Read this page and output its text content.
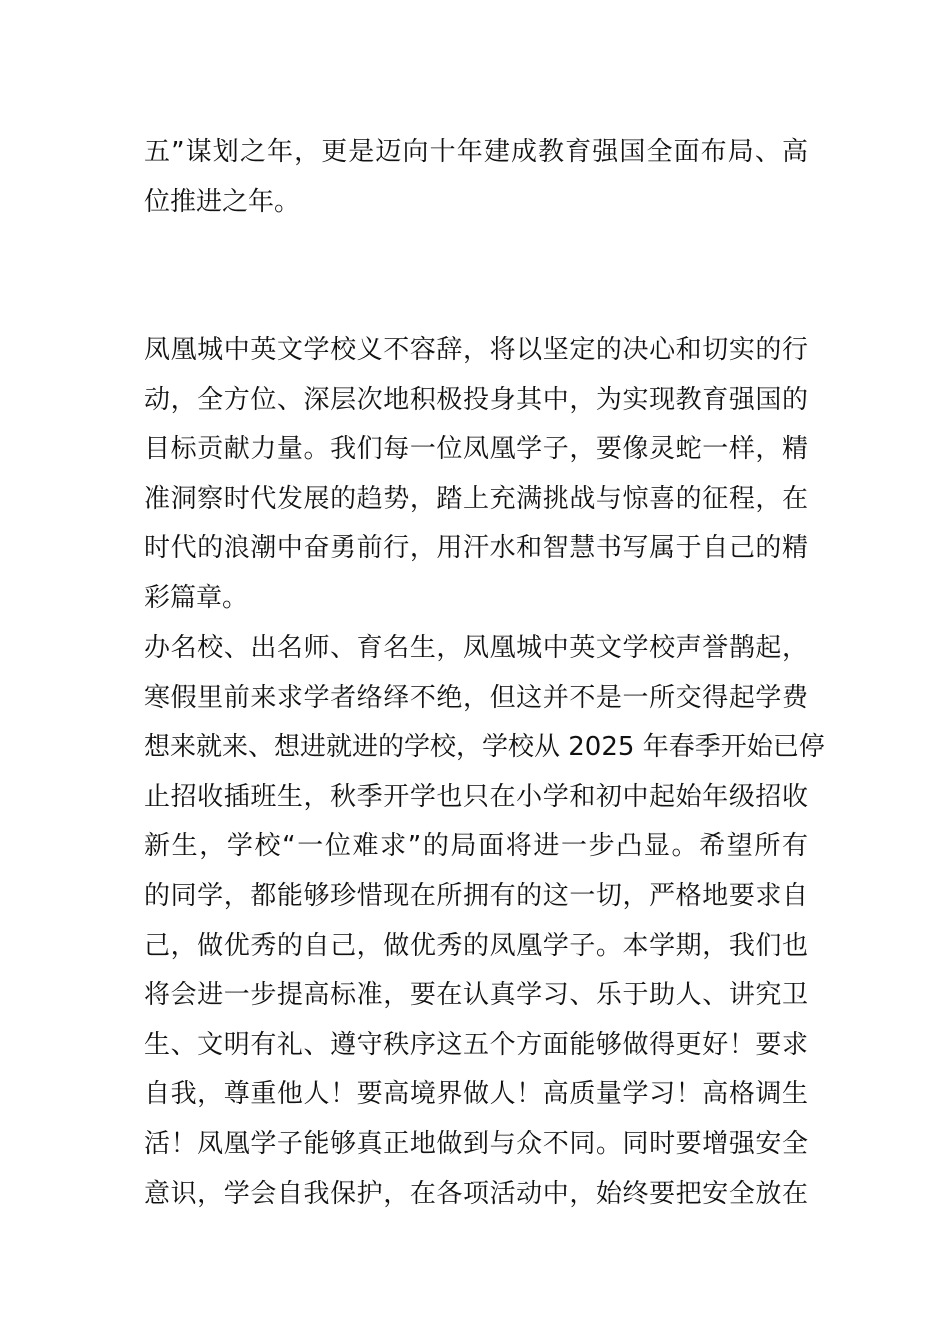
五”谋划之年，更是迈向十年建成教育强国全面布局、高
位推进之年。

凤凰城中英文学校义不容辞，将以坚定的决心和切实的行
动，全方位、深层次地积极投身其中，为实现教育强国的
目标贡献力量。我们每一位凤凰学子，要像灵蛇一样，精
准洞察时代发展的趋势，踏上充满挑战与惊喜的征程，在
时代的浪潮中奋勇前行，用汗水和智慧书写属于自己的精
彩篇章。

办名校、出名师、育名生，凤凰城中英文学校声誉鹊起，
寒假里前来求学者络绎不绝，但这并不是一所交得起学费
想来就来、想进就进的学校，学校从 2025 年春季开始已停
止招收插班生，秋季开学也只在小学和初中起始年级招收
新生，学校“一位难求”的局面将进一步凸显。希望所有
的同学，都能够珍惜现在所拥有的这一切，严格地要求自
己，做优秀的自己，做优秀的凤凰学子。本学期，我们也
将会进一步提高标准，要在认真学习、乐于助人、讲究卫
生、文明有礼、遵守秩序这五个方面能够做得更好！要求
自我，尊重他人！要高境界做人！高质量学习！高格调生
活！凤凰学子能够真正地做到与众不同。同时要增强安全
意识，学会自我保护，在各项活动中，始终要把安全放在
